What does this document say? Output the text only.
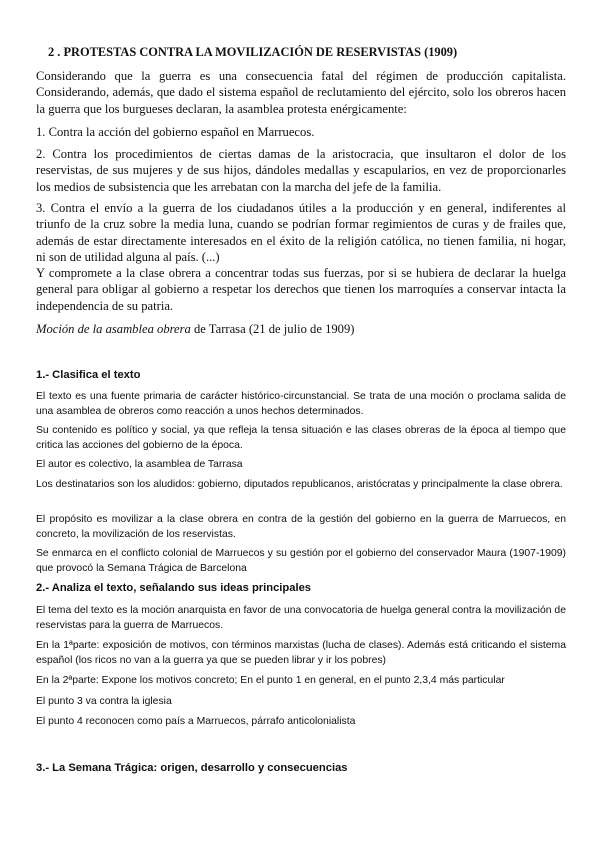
2 . PROTESTAS CONTRA LA MOVILIZACIÓN DE RESERVISTAS (1909)

Considerando que la guerra es una consecuencia fatal del régimen de producción capitalista. Considerando, además, que dado el sistema español de reclutamiento del ejército, solo los obreros hacen la guerra que los burgueses declaran, la asamblea protesta enérgicamente:

1. Contra la acción del gobierno español en Marruecos.

2. Contra los procedimientos de ciertas damas de la aristocracia, que insultaron el dolor de los reservistas, de sus mujeres y de sus hijos, dándoles medallas y escapularios, en vez de proporcionarles los medios de subsistencia que les arrebatan con la marcha del jefe de la familia.

3. Contra el envío a la guerra de los ciudadanos útiles a la producción y en general, indiferentes al triunfo de la cruz sobre la media luna, cuando se podrían formar regimientos de curas y de frailes que, además de estar directamente interesados en el éxito de la religión católica, no tienen familia, ni hogar, ni son de utilidad alguna al país. (...)

Y compromete a la clase obrera a concentrar todas sus fuerzas, por si se hubiera de declarar la huelga general para obligar al gobierno a respetar los derechos que tienen los marroquíes a conservar intacta la independencia de su patria.

Moción de la asamblea obrera de Tarrasa (21 de julio de 1909)

1.- Clasifica el texto

El texto es una fuente primaria de carácter histórico-circunstancial. Se trata de una moción o proclama salida de una asamblea de obreros como reacción a unos hechos determinados.

Su contenido es político y social, ya que refleja la tensa situación e las clases obreras de la época al tiempo que critica las acciones del gobierno de la época.

El autor es colectivo, la asamblea de Tarrasa

Los destinatarios son los aludidos: gobierno, diputados republicanos, aristócratas y principalmente la clase obrera.

El propósito es movilizar a la clase obrera en contra de la gestión del gobierno en la guerra de Marruecos, en concreto, la movilización de los reservistas.

Se enmarca en el conflicto colonial de Marruecos y su gestión por el gobierno del conservador Maura (1907-1909) que provocó la Semana Trágica de Barcelona

2.- Analiza el texto, señalando sus ideas principales

El tema del texto es la moción anarquista en favor de una convocatoria de huelga general contra la movilización de reservistas para la guerra de Marruecos.

En la 1ªparte: exposición de motivos, con términos marxistas (lucha de clases). Además está criticando el sistema español (los ricos no van a la guerra ya que se pueden librar y ir los pobres)

En la 2ªparte: Expone los motivos concreto; En el punto 1 en general, en el punto 2,3,4 más particular

El punto 3 va contra la iglesia

El punto 4 reconocen como país a Marruecos, párrafo anticolonialista

3.- La Semana Trágica: origen, desarrollo y consecuencias
